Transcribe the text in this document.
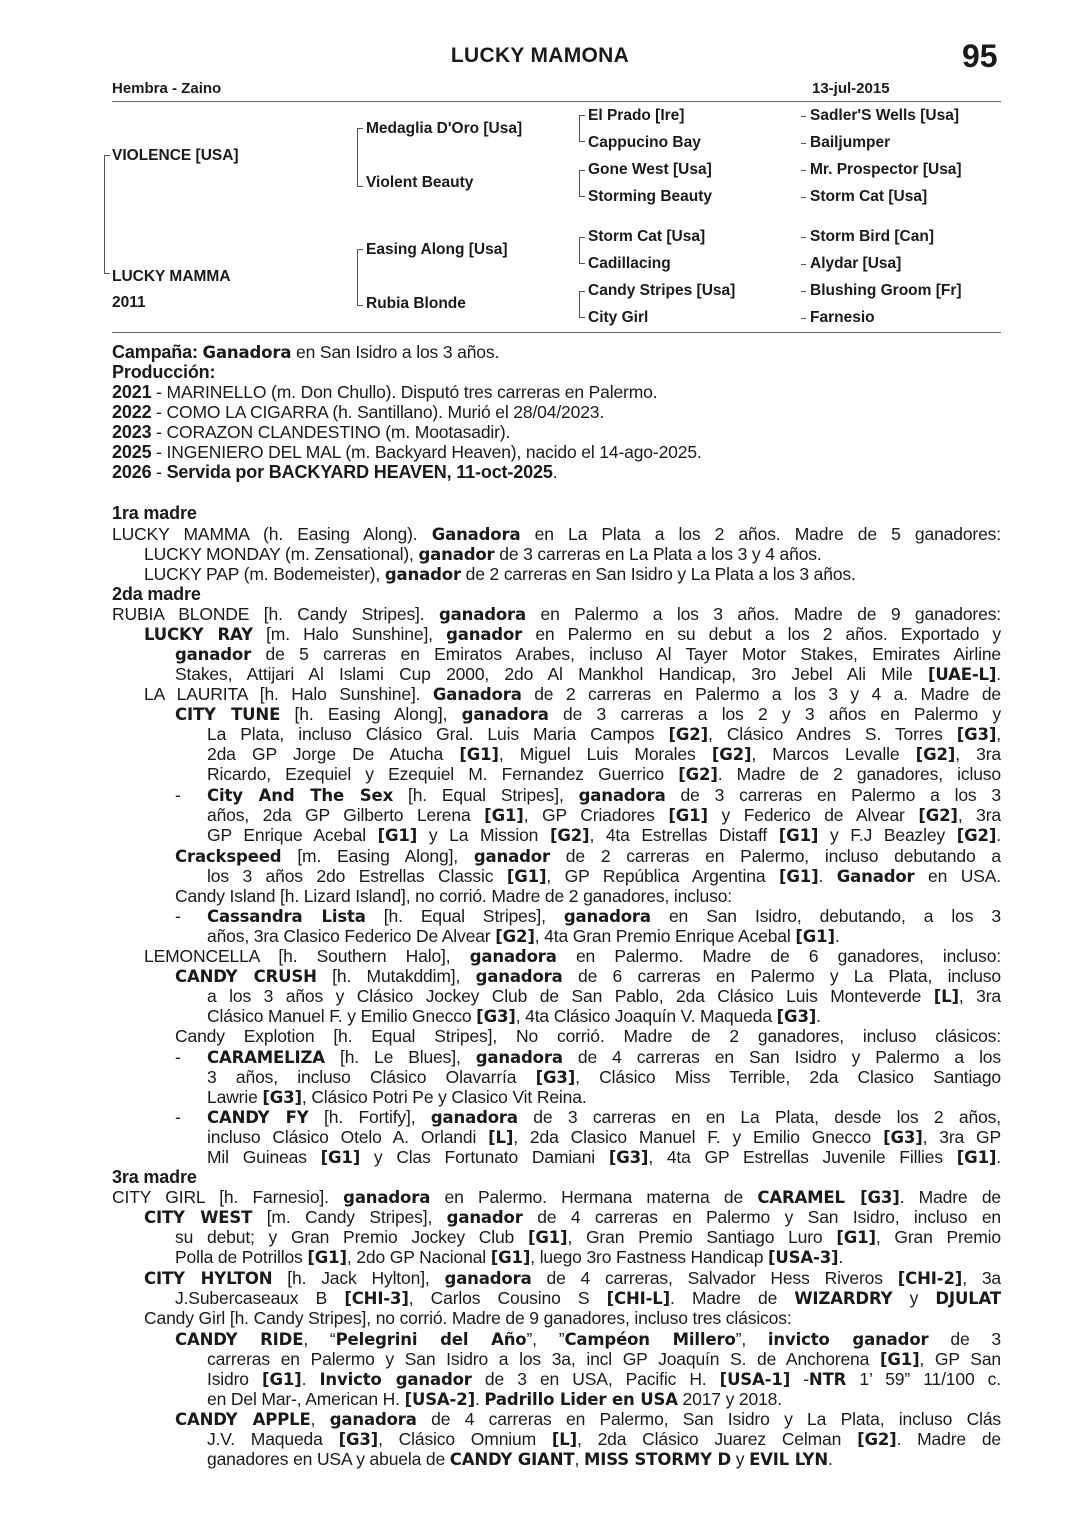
LUCKY MAMONA	95
Hembra - Zaino	13-jul-2015
VIOLENCE [USA]
LUCKY MAMMA
2011
Medaglia D'Oro [Usa]
Violent Beauty
Easing Along [Usa]
Rubia Blonde
El Prado [Ire]
Cappucino Bay
Gone West [Usa]
Storming Beauty
Storm Cat [Usa]
Cadillacing
Candy Stripes [Usa]
City Girl
Sadler'S Wells [Usa]
Bailjumper
Mr. Prospector [Usa]
Storm Cat [Usa]
Storm Bird [Can]
Alydar [Usa]
Blushing Groom [Fr]
Farnesio
Campaña: Ganadora en San Isidro a los 3 años.
Producción:
2021 - MARINELLO (m. Don Chullo). Disputó tres carreras en Palermo.
2022 - COMO LA CIGARRA (h. Santillano). Murió el 28/04/2023.
2023 - CORAZON CLANDESTINO (m. Mootasadir).
2025 - INGENIERO DEL MAL (m. Backyard Heaven), nacido el 14-ago-2025.
2026 - Servida por BACKYARD HEAVEN, 11-oct-2025.
1ra madre
LUCKY MAMMA (h. Easing Along). Ganadora en La Plata a los 2 años. Madre de 5 ganadores:
LUCKY MONDAY (m. Zensational), ganador de 3 carreras en La Plata a los 3 y 4 años.
LUCKY PAP (m. Bodemeister), ganador de 2 carreras en San Isidro y La Plata a los 3 años.
2da madre
RUBIA BLONDE [h. Candy Stripes]. ganadora en Palermo a los 3 años. Madre de 9 ganadores:
LUCKY RAY [m. Halo Sunshine], ganador en Palermo en su debut a los 2 años. Exportado y
ganador de 5 carreras en Emiratos Arabes, incluso Al Tayer Motor Stakes, Emirates Airline
Stakes, Attijari Al Islami Cup 2000, 2do Al Mankhol Handicap, 3ro Jebel Ali Mile [UAE-L].
LA LAURITA [h. Halo Sunshine]. Ganadora de 2 carreras en Palermo a los 3 y 4 a. Madre de
CITY TUNE [h. Easing Along], ganadora de 3 carreras a los 2 y 3 años en Palermo y
La Plata, incluso Clásico Gral. Luis Maria Campos [G2], Clásico Andres S. Torres [G3],
2da GP Jorge De Atucha [G1], Miguel Luis Morales [G2], Marcos Levalle [G2], 3ra
Ricardo, Ezequiel y Ezequiel M. Fernandez Guerrico [G2]. Madre de 2 ganadores, icluso
- City And The Sex [h. Equal Stripes], ganadora de 3 carreras en Palermo a los 3
años, 2da GP Gilberto Lerena [G1], GP Criadores [G1] y Federico de Alvear [G2], 3ra
GP Enrique Acebal [G1] y La Mission [G2], 4ta Estrellas Distaff [G1] y F.J Beazley [G2].
Crackspeed [m. Easing Along], ganador de 2 carreras en Palermo, incluso debutando a
los 3 años 2do Estrellas Classic [G1], GP República Argentina [G1]. Ganador en USA.
Candy Island [h. Lizard Island], no corrió. Madre de 2 ganadores, incluso:
- Cassandra Lista [h. Equal Stripes], ganadora en San Isidro, debutando, a los 3
años, 3ra Clasico Federico De Alvear [G2], 4ta Gran Premio Enrique Acebal [G1].
LEMONCELLA [h. Southern Halo], ganadora en Palermo. Madre de 6 ganadores, incluso:
CANDY CRUSH [h. Mutakddim], ganadora de 6 carreras en Palermo y La Plata, incluso
a los 3 años y Clásico Jockey Club de San Pablo, 2da Clásico Luis Monteverde [L], 3ra
Clásico Manuel F. y Emilio Gnecco [G3], 4ta Clásico Joaquín V. Maqueda [G3].
Candy Explotion [h. Equal Stripes], No corrió. Madre de 2 ganadores, incluso clásicos:
- CARAMELIZA [h. Le Blues], ganadora de 4 carreras en San Isidro y Palermo a los
3 años, incluso Clásico Olavarría [G3], Clásico Miss Terrible, 2da Clasico Santiago
Lawrie [G3], Clásico Potri Pe y Clasico Vit Reina.
- CANDY FY [h. Fortify], ganadora de 3 carreras en en La Plata, desde los 2 años,
incluso Clásico Otelo A. Orlandi [L], 2da Clasico Manuel F. y Emilio Gnecco [G3], 3ra GP
Mil Guineas [G1] y Clas Fortunato Damiani [G3], 4ta GP Estrellas Juvenile Fillies [G1].
3ra madre
CITY GIRL [h. Farnesio]. ganadora en Palermo. Hermana materna de CARAMEL [G3]. Madre de
CITY WEST [m. Candy Stripes], ganador de 4 carreras en Palermo y San Isidro, incluso en
su debut; y Gran Premio Jockey Club [G1], Gran Premio Santiago Luro [G1], Gran Premio
Polla de Potrillos [G1], 2do GP Nacional [G1], luego 3ro Fastness Handicap [USA-3].
CITY HYLTON [h. Jack Hylton], ganadora de 4 carreras, Salvador Hess Riveros [CHI-2], 3a
J.Subercaseaux B [CHI-3], Carlos Cousino S [CHI-L]. Madre de WIZARDRY y DJULAT
Candy Girl [h. Candy Stripes], no corrió. Madre de 9 ganadores, incluso tres clásicos:
CANDY RIDE, “Pelegrini del Año”, ”Campéon Millero”, invicto ganador de 3
carreras en Palermo y San Isidro a los 3a, incl GP Joaquín S. de Anchorena [G1], GP San
Isidro [G1]. Invicto ganador de 3 en USA, Pacific H. [USA-1] -NTR 1’ 59” 11/100 c.
en Del Mar-, American H. [USA-2]. Padrillo Lider en USA 2017 y 2018.
CANDY APPLE, ganadora de 4 carreras en Palermo, San Isidro y La Plata, incluso Clás
J.V. Maqueda [G3], Clásico Omnium [L], 2da Clásico Juarez Celman [G2]. Madre de
ganadores en USA y abuela de CANDY GIANT, MISS STORMY D y EVIL LYN.
